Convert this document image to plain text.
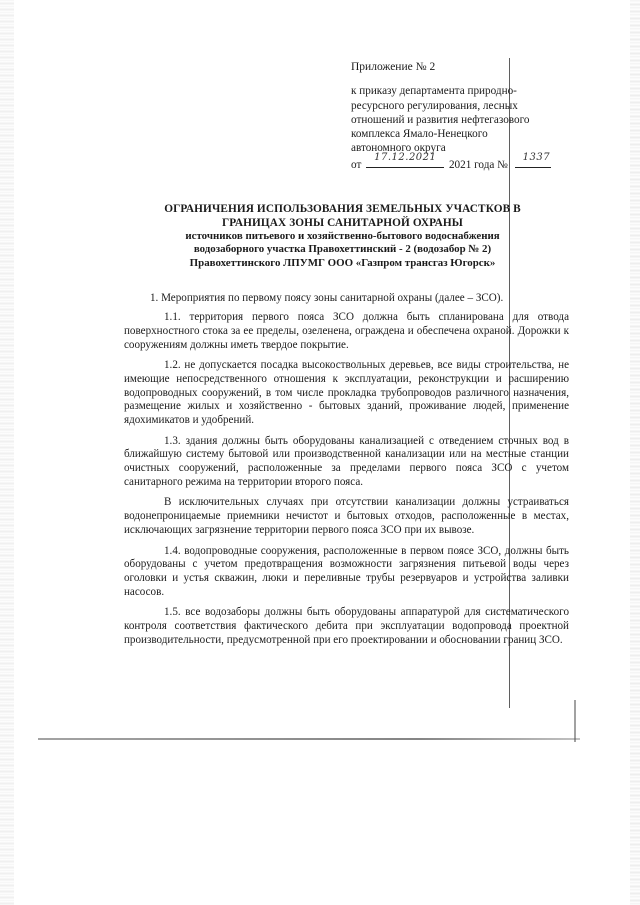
Приложение № 2
к приказу департамента природно-
ресурсного регулирования, лесных
отношений и развития нефтегазового
комплекса Ямало-Ненецкого
автономного округа
от
17.12.2021
2021 года №
1337
ОГРАНИЧЕНИЯ ИСПОЛЬЗОВАНИЯ ЗЕМЕЛЬНЫХ УЧАСТКОВ В
ГРАНИЦАХ ЗОНЫ САНИТАРНОЙ ОХРАНЫ
источников питьевого и хозяйственно-бытового водоснабжения
водозаборного участка Правохеттинский - 2 (водозабор № 2)
Правохеттинского ЛПУМГ ООО «Газпром трансгаз Югорск»

1. Мероприятия по первому поясу зоны санитарной охраны (далее – ЗСО).

1.1. территория первого пояса ЗСО должна быть спланирована для отвода поверхностного стока за ее пределы, озеленена, ограждена и обеспечена охраной. Дорожки к сооружениям должны иметь твердое покрытие.

1.2. не допускается посадка высокоствольных деревьев, все виды строительства, не имеющие непосредственного отношения к эксплуатации, реконструкции и расширению водопроводных сооружений, в том числе прокладка трубопроводов различного назначения, размещение жилых и хозяйственно - бытовых зданий, проживание людей, применение ядохимикатов и удобрений.

1.3. здания должны быть оборудованы канализацией с отведением сточных вод в ближайшую систему бытовой или производственной канализации или на местные станции очистных сооружений, расположенные за пределами первого пояса ЗСО с учетом санитарного режима на территории второго пояса.

В исключительных случаях при отсутствии канализации должны устраиваться водонепроницаемые приемники нечистот и бытовых отходов, расположенные в местах, исключающих загрязнение территории первого пояса ЗСО при их вывозе.

1.4. водопроводные сооружения, расположенные в первом поясе ЗСО, должны быть оборудованы с учетом предотвращения возможности загрязнения питьевой воды через оголовки и устья скважин, люки и переливные трубы резервуаров и устройства заливки насосов.

1.5. все водозаборы должны быть оборудованы аппаратурой для систематического контроля соответствия фактического дебита при эксплуатации водопровода проектной производительности, предусмотренной при его проектировании и обосновании границ ЗСО.
